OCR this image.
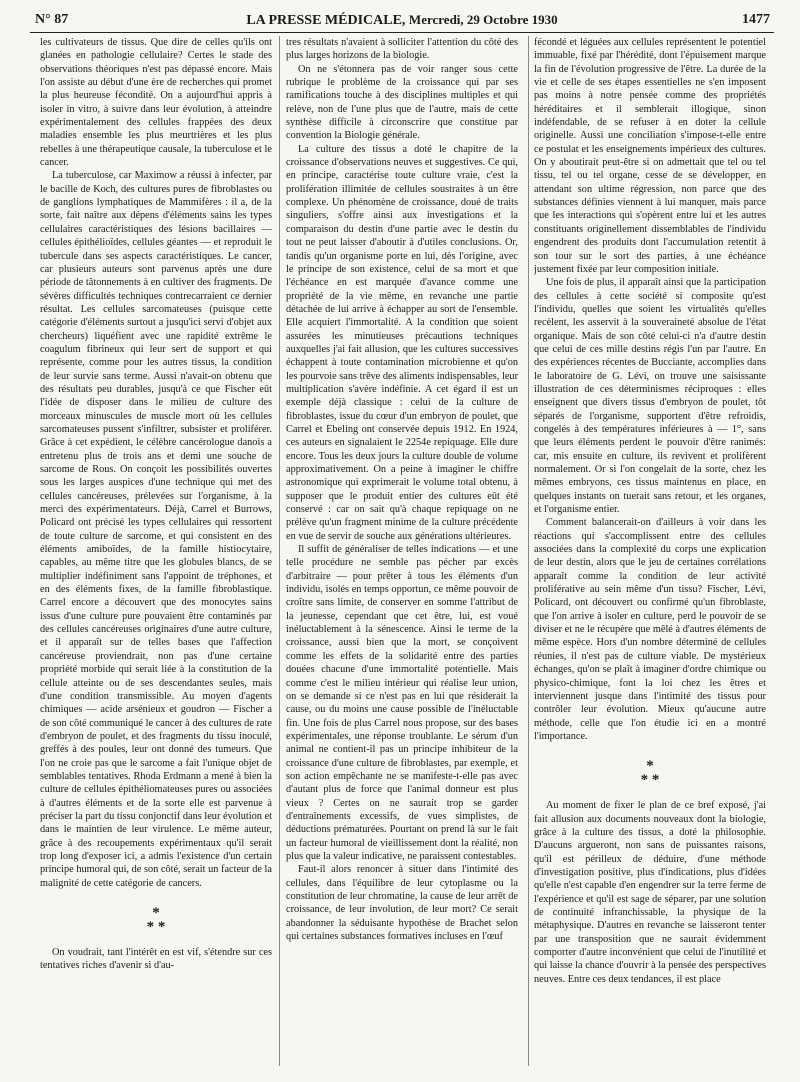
N° 87	LA PRESSE MÉDICALE, Mercredi, 29 Octobre 1930	1477

les cultivateurs de tissus. Que dire de celles qu'ils ont glanées en pathologie cellulaire? Certes le stade des observations théoriques n'est pas dépassé encore. Mais l'on assiste au début d'une ère de recherches qui promet la plus heureuse fécondité. On a aujourd'hui appris à isoler in vitro, à suivre dans leur évolution, à atteindre expérimentalement des cellules frappées des deux maladies ensemble les plus meurtrières et les plus rebelles à une thérapeutique causale, la tuberculose et le cancer.

La tuberculose, car Maximow a réussi à infecter, par le bacille de Koch, des cultures pures de fibroblastes ou de ganglions lymphatiques de Mammifères : il a, de la sorte, fait naître aux dépens d'éléments sains les types cellulaires caractéristiques des lésions bacillaires — cellules épithélioïdes, cellules géantes — et reproduit le tubercule dans ses aspects caractéristiques. Le cancer, car plusieurs auteurs sont parvenus après une dure période de tâtonnements à en cultiver des fragments. De sévères difficultés techniques contrecarraient ce dernier résultat. Les cellules sarcomateuses (puisque cette catégorie d'éléments surtout a jusqu'ici servi d'objet aux chercheurs) liquéfient avec une rapidité extrême le coagulum fibrineux qui leur sert de support et qui représente, comme pour les autres tissus, la condition de leur survie sans terme. Aussi n'avait-on obtenu que des résultats peu durables, jusqu'à ce que Fischer eût l'idée de disposer dans le milieu de culture des morceaux minuscules de muscle mort où les cellules sarcomateuses pussent s'infiltrer, subsister et proliférer. Grâce à cet expédient, le célèbre cancérologue danois a entretenu plus de trois ans et demi une souche de sarcome de Rous. On conçoit les possibilités ouvertes sous les larges auspices d'une technique qui met des cellules cancéreuses, prélevées sur l'organisme, à la merci des expérimentateurs. Déjà, Carrel et Burrows, Policard ont précisé les types cellulaires qui ressortent de toute culture de sarcome, et qui consistent en des éléments amiboïdes, de la famille histiocytaire, capables, au même titre que les globules blancs, de se multiplier indéfiniment sans l'appoint de tréphones, et en des éléments fixes, de la famille fibroblastique. Carrel encore a découvert que des monocytes sains issus d'une culture pure pouvaient être contaminés par des cellules cancéreuses originaires d'une autre culture, et il apparaît sur de telles bases que l'affection cancéreuse proviendrait, non pas d'une certaine propriété morbide qui serait liée à la constitution de la cellule atteinte ou de ses descendantes seules, mais d'une condition transmissible. Au moyen d'agents chimiques — acide arsénieux et goudron — Fischer a de son côté communiqué le cancer à des cultures de rate d'embryon de poulet, et des fragments du tissu inoculé, greffés à des poules, leur ont donné des tumeurs. Que l'on ne croie pas que le sarcome a fait l'unique objet de semblables tentatives. Rhoda Erdmann a mené à bien la culture de cellules épithéliomateuses pures ou associées à d'autres éléments et de la sorte elle est parvenue à préciser la part du tissu conjonctif dans leur évolution et dans le maintien de leur virulence. Le même auteur, grâce à des recoupements expérimentaux qu'il serait trop long d'exposer ici, a admis l'existence d'un certain principe humoral qui, de son côté, serait un facteur de la malignité de cette catégorie de cancers.

*
* *

On voudrait, tant l'intérêt en est vif, s'étendre sur ces tentatives riches d'avenir si d'au-

tres résultats n'avaient à solliciter l'attention du côté des plus larges horizons de la biologie.

On ne s'étonnera pas de voir ranger sous cette rubrique le problème de la croissance qui par ses ramifications touche à des disciplines multiples et qui relève, non de l'une plus que de l'autre, mais de cette synthèse difficile à circonscrire que constitue par convention la Biologie générale.

La culture des tissus a doté le chapitre de la croissance d'observations neuves et suggestives. Ce qui, en principe, caractérise toute culture vraie, c'est la prolifération illimitée de cellules soustraites à un être complexe. Un phénomène de croissance, doué de traits singuliers, s'offre ainsi aux investigations et la comparaison du destin d'une partie avec le destin du tout ne peut laisser d'aboutir à d'utiles conclusions. Or, tandis qu'un organisme porte en lui, dès l'origine, avec le principe de son existence, celui de sa mort et que l'échéance en est marquée d'avance comme une propriété de la vie même, en revanche une partie détachée de lui arrive à échapper au sort de l'ensemble. Elle acquiert l'immortalité. A la condition que soient assurées les minutieuses précautions techniques auxquelles j'ai fait allusion, que les cultures successives échappent à toute contamination microbienne et qu'on les pourvoie sans trêve des aliments indispensables, leur multiplication s'avère indéfinie. A cet égard il est un exemple déjà classique : celui de la culture de fibroblastes, issue du cœur d'un embryon de poulet, que Carrel et Ebeling ont conservée depuis 1912. En 1924, ces auteurs en signalaient le 2254e repiquage. Elle dure encore. Tous les deux jours la culture double de volume approximativement. On a peine à imaginer le chiffre astronomique qui exprimerait le volume total obtenu, à supposer que le produit entier des cultures eût été conservé : car on sait qu'à chaque repiquage on ne prélève qu'un fragment minime de la culture précédente en vue de servir de souche aux générations ultérieures.

Il suffit de généraliser de telles indications — et une telle procédure ne semble pas pécher par excès d'arbitraire — pour prêter à tous les éléments d'un individu, isolés en temps opportun, ce même pouvoir de croître sans limite, de conserver en somme l'attribut de la jeunesse, cependant que cet être, lui, est voué inéluctablement à la sénescence. Ainsi le terme de la croissance, aussi bien que la mort, se conçoivent comme les effets de la solidarité entre des parties douées chacune d'une immortalité potentielle. Mais comme c'est le milieu intérieur qui réalise leur union, on se demande si ce n'est pas en lui que résiderait la cause, ou du moins une cause possible de l'inéluctable fin. Une fois de plus Carrel nous propose, sur des bases expérimentales, une réponse troublante. Le sérum d'un animal ne contient-il pas un principe inhibiteur de la croissance d'une culture de fibroblastes, par exemple, et son action empêchante ne se manifeste-t-elle pas avec d'autant plus de force que l'animal donneur est plus vieux ? Certes on ne saurait trop se garder d'entraînements excessifs, de vues simplistes, de déductions prématurées. Pourtant on prend là sur le fait un facteur humoral de vieillissement dont la réalité, non plus que la valeur indicative, ne paraissent contestables.

Faut-il alors renoncer à situer dans l'intimité des cellules, dans l'équilibre de leur cytoplasme ou la constitution de leur chromatine, la cause de leur arrêt de croissance, de leur involution, de leur mort? Ce serait abandonner la séduisante hypothèse de Brachet selon qui certaines substances formatives incluses en l'œuf

fécondé et léguées aux cellules représentent le potentiel immuable, fixé par l'hérédité, dont l'épuisement marque la fin de l'évolution progressive de l'être. La durée de la vie et celle de ses étapes essentielles ne s'en imposent pas moins à notre pensée comme des propriétés héréditaires et il semblerait illogique, sinon indéfendable, de se refuser à en doter la cellule originelle. Aussi une conciliation s'impose-t-elle entre ce postulat et les enseignements impérieux des cultures. On y aboutirait peut-être si on admettait que tel ou tel tissu, tel ou tel organe, cesse de se développer, en attendant son ultime régression, non parce que des substances définies viennent à lui manquer, mais parce que les interactions qui s'opèrent entre lui et les autres constituants originellement dissemblables de l'individu engendrent des produits dont l'accumulation retentit à son tour sur le sort des parties, à une échéance justement fixée par leur composition initiale.

Une fois de plus, il apparaît ainsi que la participation des cellules à cette société si composite qu'est l'individu, quelles que soient les virtualités qu'elles recèlent, les asservit à la souveraineté absolue de l'état organique. Mais de son côté celui-ci n'a d'autre destin que celui de ces mille destins régis l'un par l'autre. En des expériences récentes de Bucciante, accomplies dans le laboratoire de G. Lévi, on trouve une saisissante illustration de ces déterminismes réciproques : elles enseignent que divers tissus d'embryon de poulet, tôt séparés de l'organisme, supportent d'être refroidis, congelés à des températures inférieures à — 1°, sans que leurs éléments perdent le pouvoir d'être ranimés: car, mis ensuite en culture, ils revivent et prolifèrent normalement. Or si l'on congelait de la sorte, chez les mêmes embryons, ces tissus maintenus en place, en quelques instants on tuerait sans retour, et les organes, et l'organisme entier.

Comment balancerait-on d'ailleurs à voir dans les réactions qui s'accomplissent entre des cellules associées dans la complexité du corps une explication de leur destin, alors que le jeu de certaines corrélations apparaît comme la condition de leur activité proliférative au sein même d'un tissu? Fischer, Lévi, Policard, ont découvert ou confirmé qu'un fibroblaste, que l'on arrive à isoler en culture, perd le pouvoir de se diviser et ne le récupère que mêlé à d'autres éléments de même espèce. Hors d'un nombre déterminé de cellules réunies, il n'est pas de culture viable. De mystérieux échanges, qu'on se plaît à imaginer d'ordre chimique ou physico-chimique, font la loi chez les êtres et interviennent jusque dans l'intimité des tissus pour contrôler leur évolution. Mieux qu'aucune autre méthode, celle que l'on étudie ici en a montré l'importance.

*
* *

Au moment de fixer le plan de ce bref exposé, j'ai fait allusion aux documents nouveaux dont la biologie, grâce à la culture des tissus, a doté la philosophie. D'aucuns argueront, non sans de puissantes raisons, qu'il est périlleux de déduire, d'une méthode d'investigation positive, plus d'indications, plus d'idées qu'elle n'est capable d'en engendrer sur la terre ferme de l'expérience et qu'il est sage de séparer, par une solution de continuité infranchissable, la physique de la métaphysique. D'autres en revanche se laisseront tenter par une transposition que ne saurait évidemment comporter d'autre inconvénient que celui de l'inutilité et qui laisse la chance d'ouvrir à la pensée des perspectives neuves. Entre ces deux tendances, il est place
